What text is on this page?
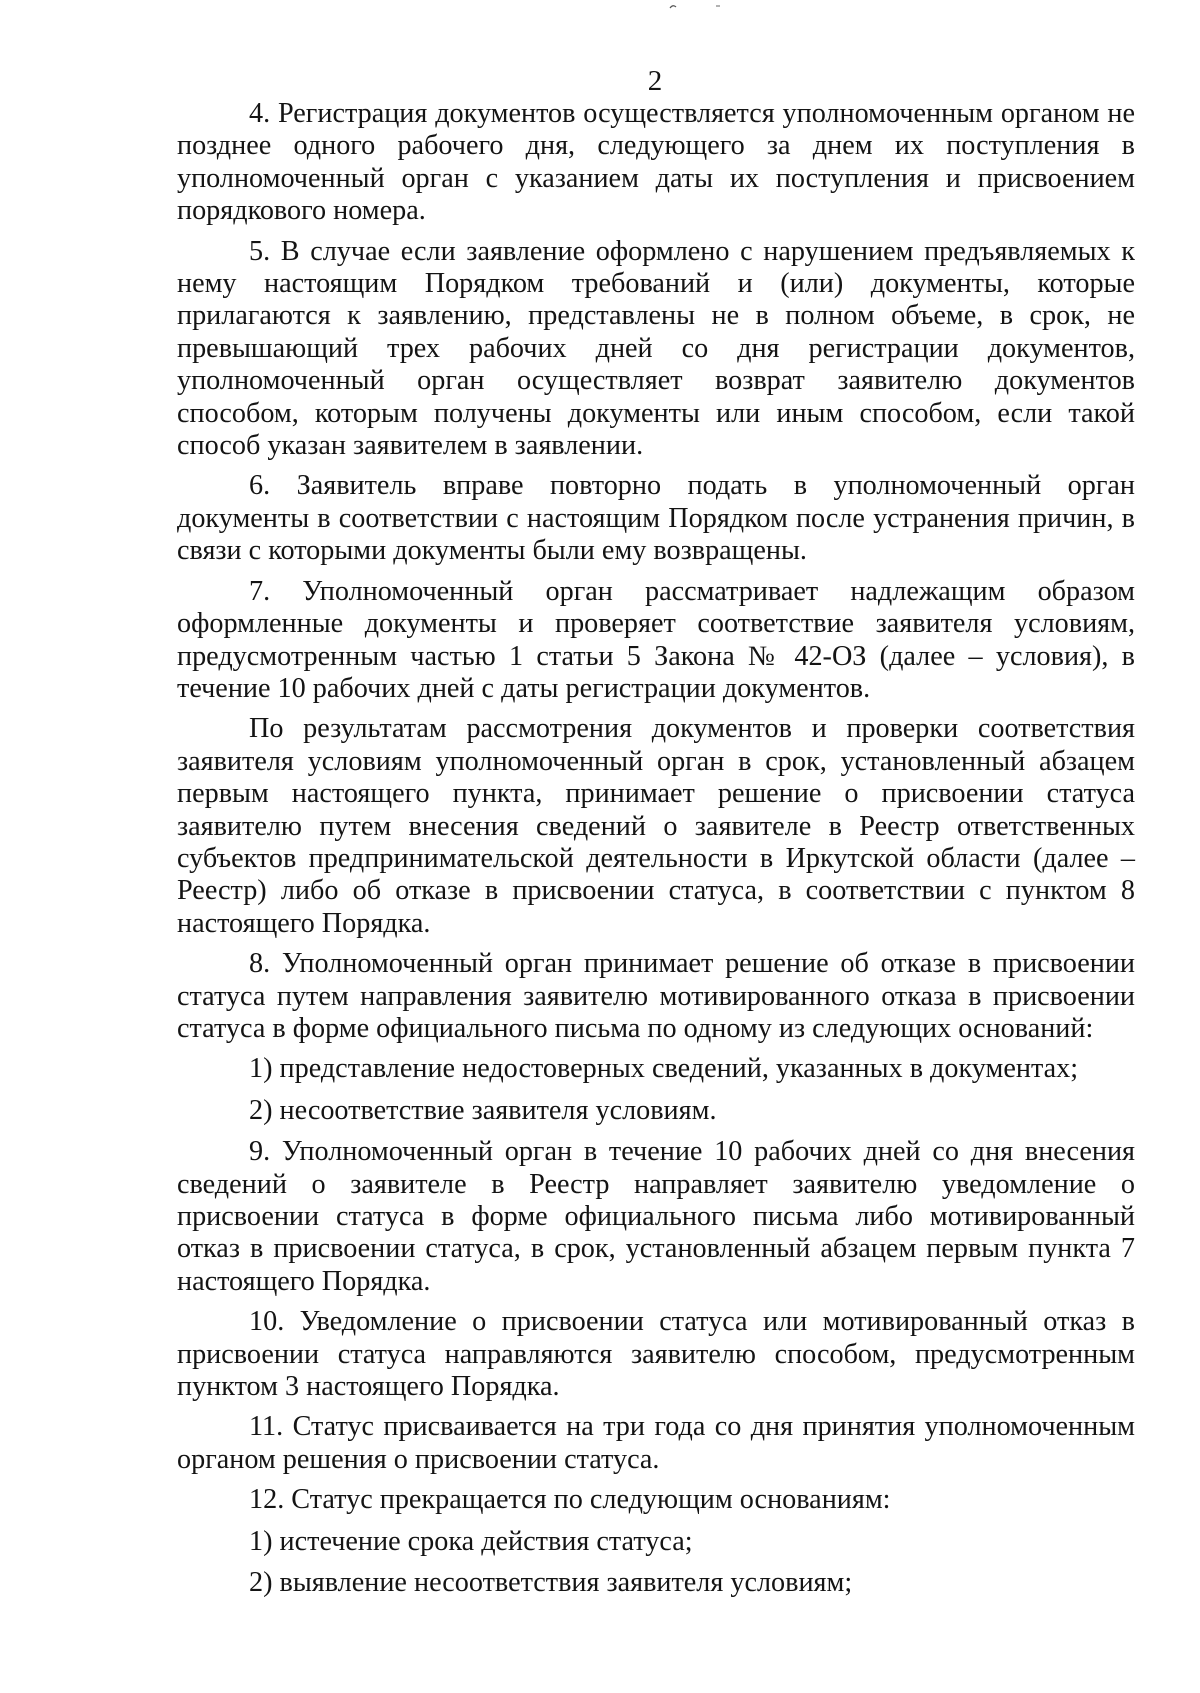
2

4. Регистрация документов осуществляется уполномоченным органом не позднее одного рабочего дня, следующего за днем их поступления в уполномоченный орган с указанием даты их поступления и присвоением порядкового номера.

5. В случае если заявление оформлено с нарушением предъявляемых к нему настоящим Порядком требований и (или) документы, которые прилагаются к заявлению, представлены не в полном объеме, в срок, не превышающий трех рабочих дней со дня регистрации документов, уполномоченный орган осуществляет возврат заявителю документов способом, которым получены документы или иным способом, если такой способ указан заявителем в заявлении.

6. Заявитель вправе повторно подать в уполномоченный орган документы в соответствии с настоящим Порядком после устранения причин, в связи с которыми документы были ему возвращены.

7. Уполномоченный орган рассматривает надлежащим образом оформленные документы и проверяет соответствие заявителя условиям, предусмотренным частью 1 статьи 5 Закона № 42-ОЗ (далее – условия), в течение 10 рабочих дней с даты регистрации документов.

По результатам рассмотрения документов и проверки соответствия заявителя условиям уполномоченный орган в срок, установленный абзацем первым настоящего пункта, принимает решение о присвоении статуса заявителю путем внесения сведений о заявителе в Реестр ответственных субъектов предпринимательской деятельности в Иркутской области (далее – Реестр) либо об отказе в присвоении статуса, в соответствии с пунктом 8 настоящего Порядка.

8. Уполномоченный орган принимает решение об отказе в присвоении статуса путем направления заявителю мотивированного отказа в присвоении статуса в форме официального письма по одному из следующих оснований:

1) представление недостоверных сведений, указанных в документах;

2) несоответствие заявителя условиям.

9. Уполномоченный орган в течение 10 рабочих дней со дня внесения сведений о заявителе в Реестр направляет заявителю уведомление о присвоении статуса в форме официального письма либо мотивированный отказ в присвоении статуса, в срок, установленный абзацем первым пункта 7 настоящего Порядка.

10. Уведомление о присвоении статуса или мотивированный отказ в присвоении статуса направляются заявителю способом, предусмотренным пунктом 3 настоящего Порядка.

11. Статус присваивается на три года со дня принятия уполномоченным органом решения о присвоении статуса.

12. Статус прекращается по следующим основаниям:

1) истечение срока действия статуса;

2) выявление несоответствия заявителя условиям;
